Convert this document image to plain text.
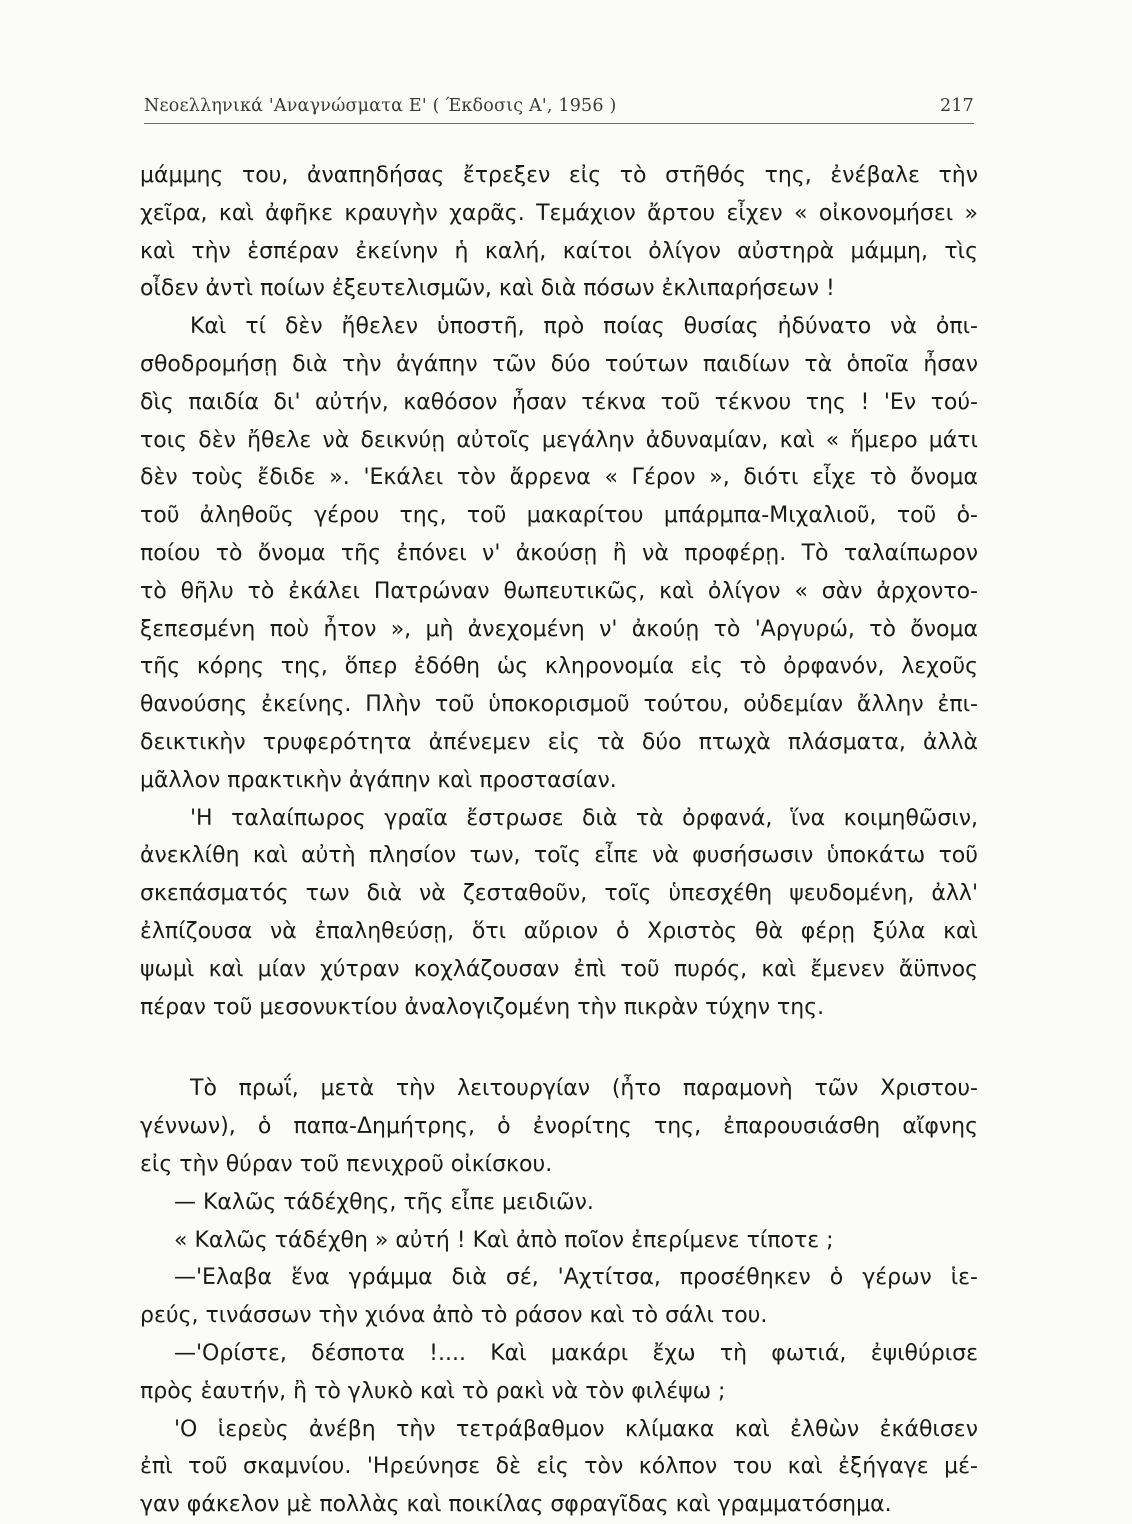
Νεοελληνικά 'Αναγνώσματα Ε' ( Έκδοσις Α', 1956 )	217
μάμμης του, ἀναπηδήσας ἔτρεξεν εἰς τὸ στῆθός της, ἐνέβαλε τὴν
χεῖρα, καὶ ἀφῆκε κραυγὴν χαρᾶς. Τεμάχιον ἄρτου εἶχεν « οἰκονομήσει »
καὶ τὴν ἑσπέραν ἐκείνην ἡ καλή, καίτοι ὀλίγον αὐστηρὰ μάμμη, τὶς
οἶδεν ἀντὶ ποίων ἐξευτελισμῶν, καὶ διὰ πόσων ἐκλιπαρήσεων !
Καὶ τί δὲν ἤθελεν ὑποστῆ, πρὸ ποίας θυσίας ἠδύνατο νὰ ὀπι-
σθοδρομήσῃ διὰ τὴν ἀγάπην τῶν δύο τούτων παιδίων τὰ ὁποῖα ἦσαν
δὶς παιδία δι' αὐτήν, καθόσον ἦσαν τέκνα τοῦ τέκνου της ! 'Εν τού-
τοις δὲν ἤθελε νὰ δεικνύῃ αὐτοῖς μεγάλην ἀδυναμίαν, καὶ « ἥμερο μάτι
δὲν τοὺς ἔδιδε ». 'Εκάλει τὸν ἄρρενα « Γέρον », διότι εἶχε τὸ ὄνομα
τοῦ ἀληθοῦς γέρου της, τοῦ μακαρίτου μπάρμπα-Μιχαλιοῦ, τοῦ ὁ-
ποίου τὸ ὄνομα τῆς ἐπόνει ν' ἀκούσῃ ἢ νὰ προφέρῃ. Τὸ ταλαίπωρον
τὸ θῆλυ τὸ ἐκάλει Πατρώναν θωπευτικῶς, καὶ ὀλίγον « σὰν ἀρχοντο-
ξεπεσμένη ποὺ ἦτον », μὴ ἀνεχομένη ν' ἀκούῃ τὸ 'Αργυρώ, τὸ ὄνομα
τῆς κόρης της, ὅπερ ἐδόθη ὡς κληρονομία εἰς τὸ ὀρφανόν, λεχοῦς
θανούσης ἐκείνης. Πλὴν τοῦ ὑποκορισμοῦ τούτου, οὐδεμίαν ἄλλην ἐπι-
δεικτικὴν τρυφερότητα ἀπένεμεν εἰς τὰ δύο πτωχὰ πλάσματα, ἀλλὰ
μᾶλλον πρακτικὴν ἀγάπην καὶ προστασίαν.
'Η ταλαίπωρος γραῖα ἔστρωσε διὰ τὰ ὀρφανά, ἵνα κοιμηθῶσιν,
ἀνεκλίθη καὶ αὐτὴ πλησίον των, τοῖς εἶπε νὰ φυσήσωσιν ὑποκάτω τοῦ
σκεπάσματός των διὰ νὰ ζεσταθοῦν, τοῖς ὑπεσχέθη ψευδομένη, ἀλλ'
ἐλπίζουσα νὰ ἐπαληθεύσῃ, ὅτι αὔριον ὁ Χριστὸς θὰ φέρῃ ξύλα καὶ
ψωμὶ καὶ μίαν χύτραν κοχλάζουσαν ἐπὶ τοῦ πυρός, καὶ ἔμενεν ἄϋπνος
πέραν τοῦ μεσονυκτίου ἀναλογιζομένη τὴν πικρὰν τύχην της.
Τὸ πρωΐ, μετὰ τὴν λειτουργίαν (ἦτο παραμονὴ τῶν Χριστου-
γέννων), ὁ παπα-Δημήτρης, ὁ ἐνορίτης της, ἐπαρουσιάσθη αἴφνης
εἰς τὴν θύραν τοῦ πενιχροῦ οἰκίσκου.
— Καλῶς τάδέχθης, τῆς εἶπε μειδιῶν.
« Καλῶς τάδέχθη » αὐτή ! Καὶ ἀπὸ ποῖον ἐπερίμενε τίποτε ;
—'Ελαβα ἕνα γράμμα διὰ σέ, 'Αχτίτσα, προσέθηκεν ὁ γέρων ἱε-
ρεύς, τινάσσων τὴν χιόνα ἀπὸ τὸ ράσον καὶ τὸ σάλι του.
—'Ορίστε, δέσποτα !.... Καὶ μακάρι ἔχω τὴ φωτιά, ἐψιθύρισε
πρὸς ἑαυτήν, ἢ τὸ γλυκὸ καὶ τὸ ρακὶ νὰ τὸν φιλέψω ;
'Ο ἱερεὺς ἀνέβη τὴν τετράβαθμον κλίμακα καὶ ἐλθὼν ἐκάθισεν
ἐπὶ τοῦ σκαμνίου. 'Ηρεύνησε δὲ εἰς τὸν κόλπον του καὶ ἐξήγαγε μέ-
γαν φάκελον μὲ πολλὰς καὶ ποικίλας σφραγῖδας καὶ γραμματόσημα.
